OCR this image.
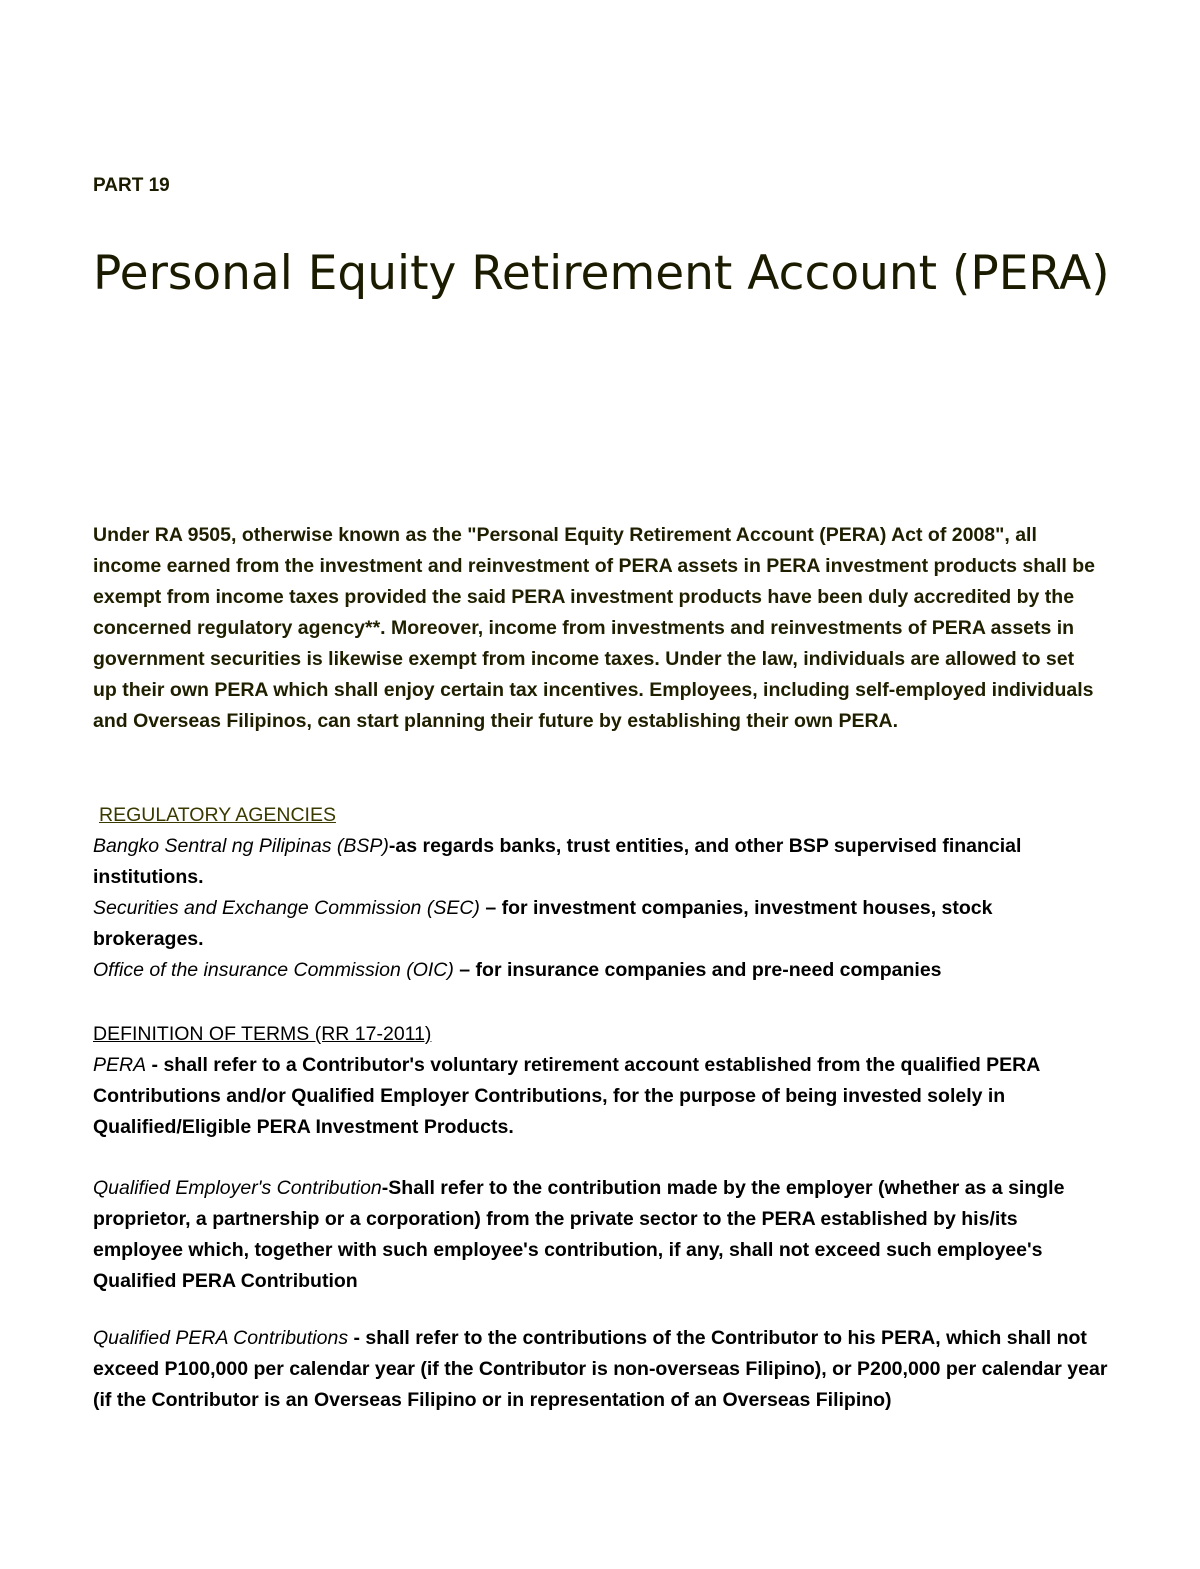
PART 19
Personal Equity Retirement Account (PERA)

Under RA 9505, otherwise known as the "Personal Equity Retirement Account (PERA) Act of 2008", all income earned from the investment and reinvestment of PERA assets in PERA investment products shall be exempt from income taxes provided the said PERA investment products have been duly accredited by the concerned regulatory agency**. Moreover, income from investments and reinvestments of PERA assets in government securities is likewise exempt from income taxes. Under the law, individuals are allowed to set up their own PERA which shall enjoy certain tax incentives. Employees, including self-employed individuals and Overseas Filipinos, can start planning their future by establishing their own PERA.

REGULATORY AGENCIES
Bangko Sentral ng Pilipinas (BSP)-as regards banks, trust entities, and other BSP supervised financial institutions.
Securities and Exchange Commission (SEC) – for investment companies, investment houses, stock brokerages.
Office of the insurance Commission (OIC) – for insurance companies and pre-need companies
DEFINITION OF TERMS (RR 17-2011)
PERA - shall refer to a Contributor's voluntary retirement account established from the qualified PERA Contributions and/or Qualified Employer Contributions, for the purpose of being invested solely in Qualified/Eligible PERA Investment Products.
Qualified Employer's Contribution-Shall refer to the contribution made by the employer (whether as a single proprietor, a partnership or a corporation) from the private sector to the PERA established by his/its employee which, together with such employee's contribution, if any, shall not exceed such employee's Qualified PERA Contribution
Qualified PERA Contributions - shall refer to the contributions of the Contributor to his PERA, which shall not exceed P100,000 per calendar year (if the Contributor is non-overseas Filipino), or P200,000 per calendar year (if the Contributor is an Overseas Filipino or in representation of an Overseas Filipino)
